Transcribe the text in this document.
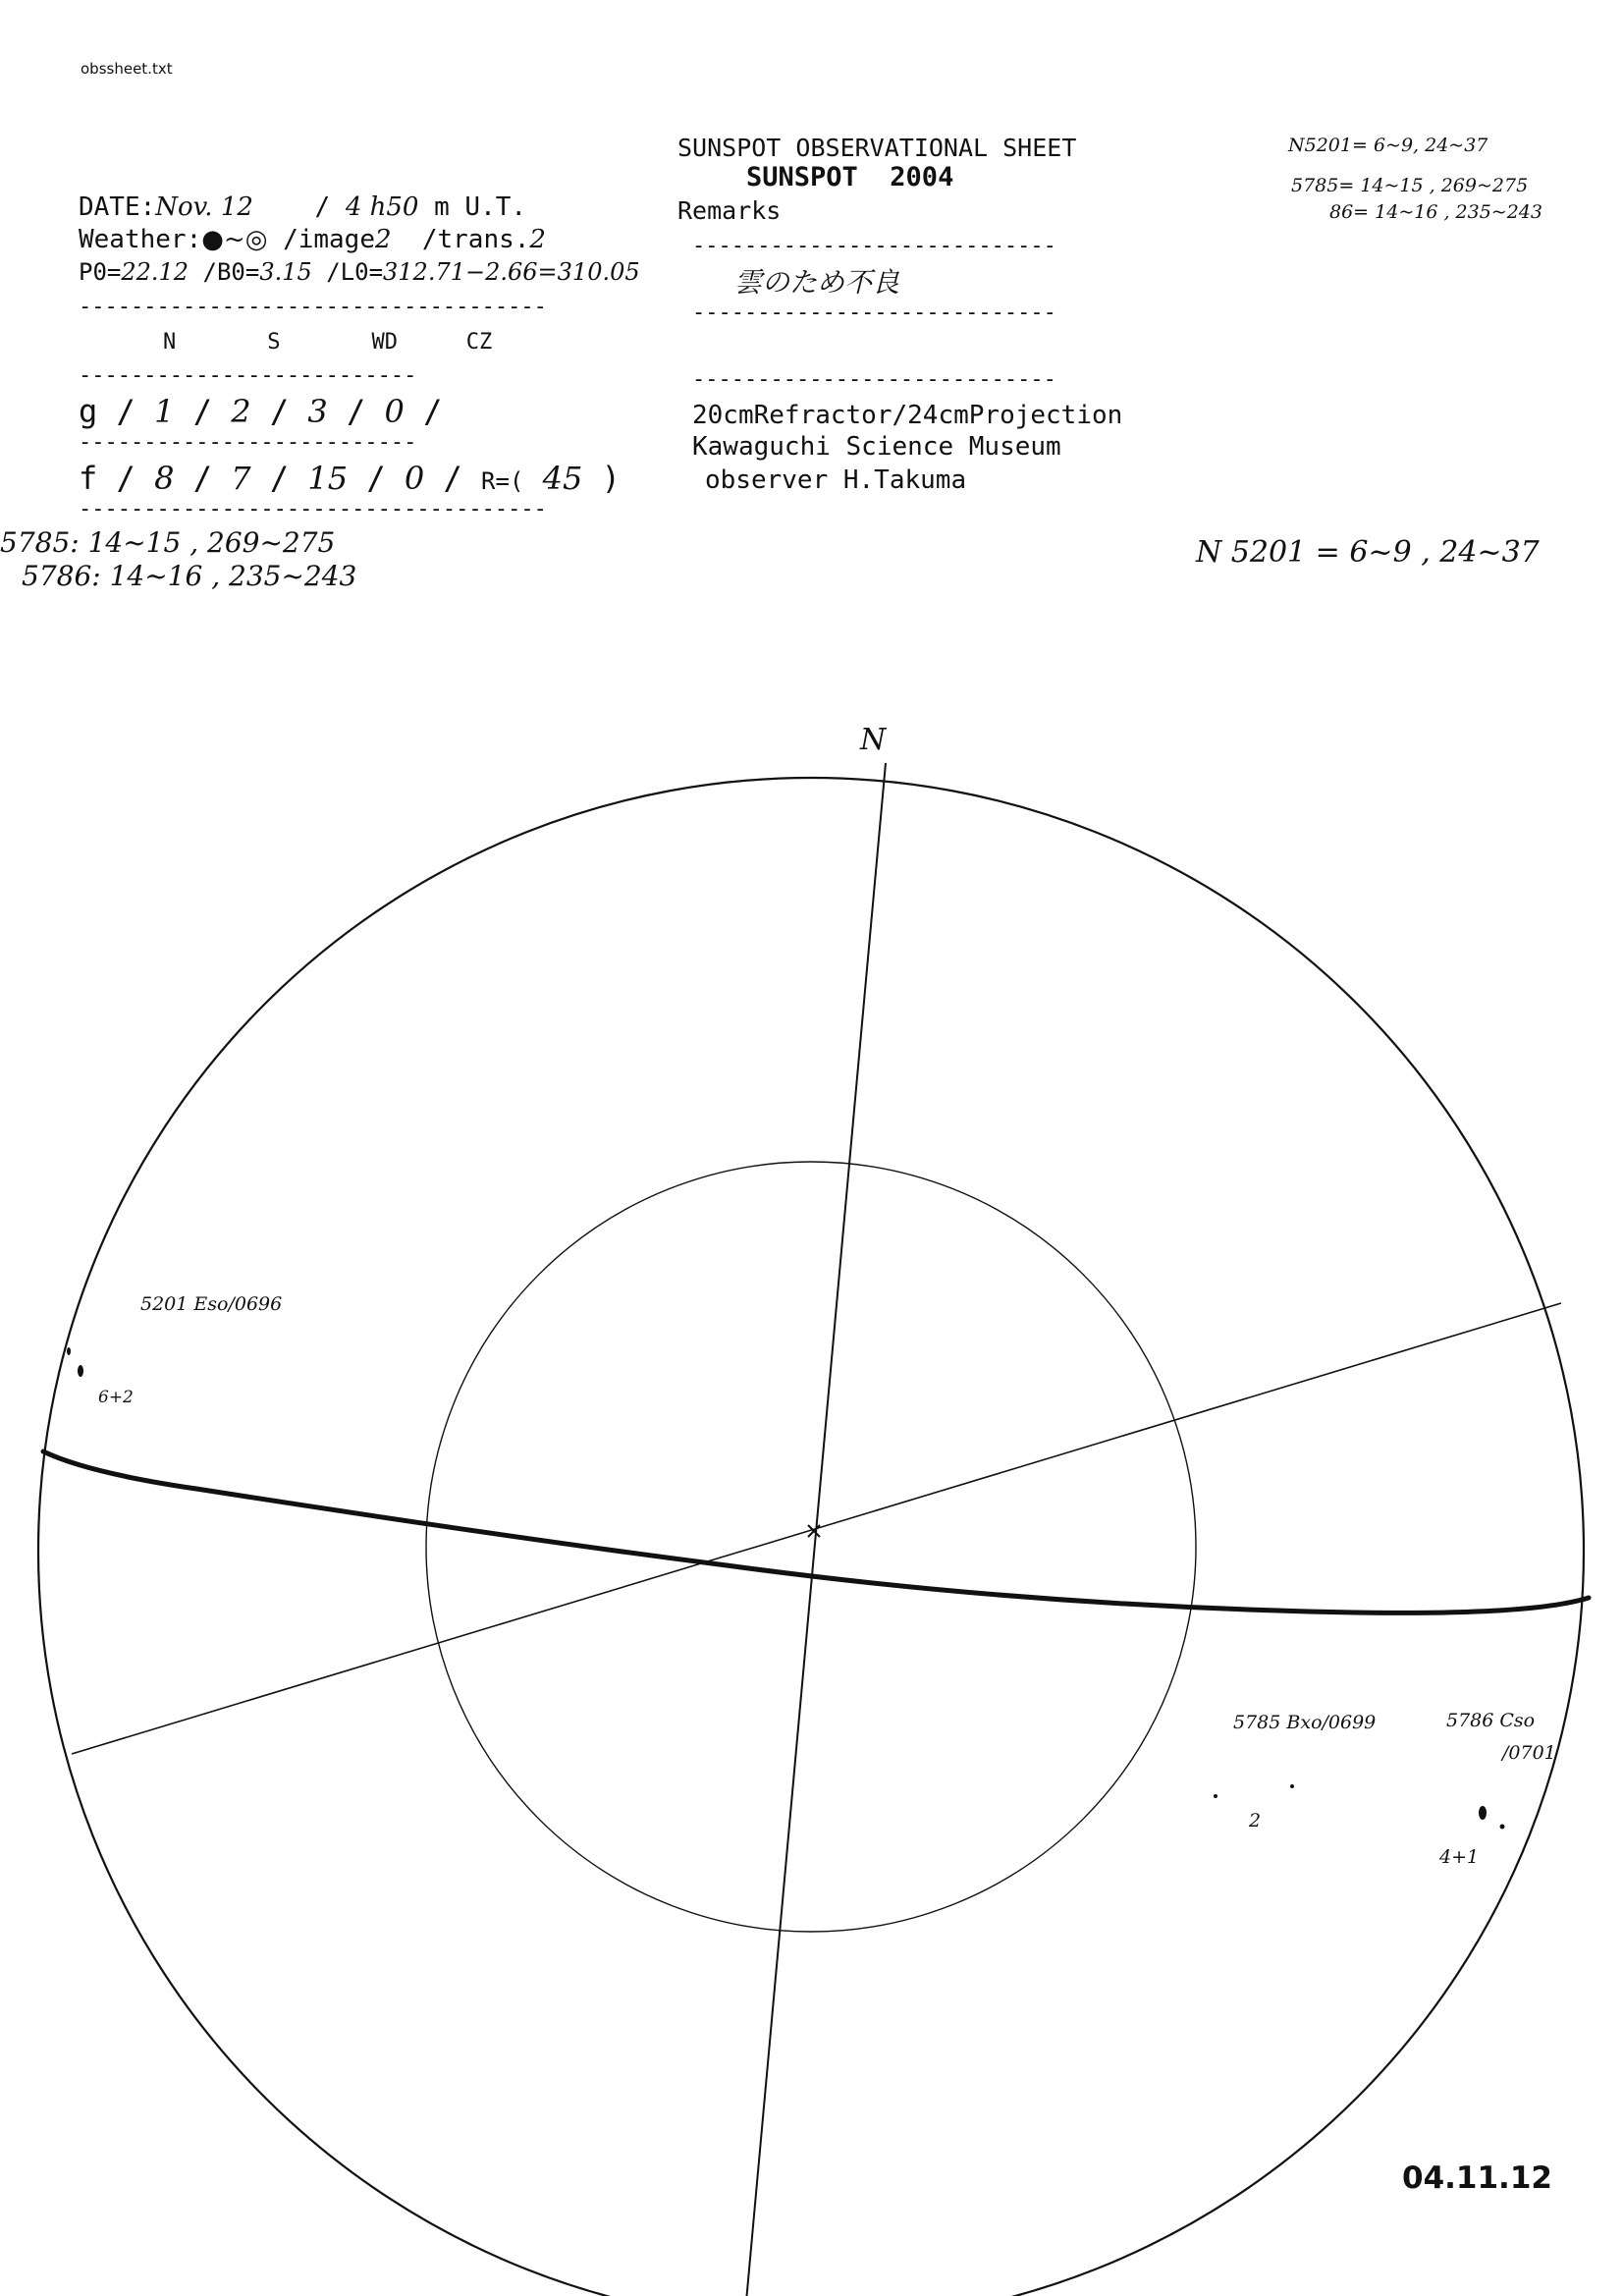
obssheet.txt
SUNSPOT OBSERVATIONAL SHEET
SUNSPOT  2004
Remarks
----------------------------
雲のため不良
----------------------------
----------------------------
20cmRefractor/24cmProjection
Kawaguchi Science Museum
observer H.Takuma
DATE:Nov. 12    / 4 h50 m U.T.
Weather:●~◎ /image2 /trans.2
P0=22.12 /B0=3.15 /L0=312.71−2.66=310.05
------------------------------------
N	S	WD	CZ
--------------------------
g / 1 / 2 / 3 / 0 /
--------------------------
f / 8 / 7 / 15 / 0 / R=( 45 )
------------------------------------
5785: 14~15 , 269~275
5786: 14~16 , 235~243
N5201= 6~9, 24~37
5785= 14~15 , 269~275
86= 14~16 , 235~243
N 5201 = 6~9 , 24~37
N
5201 Eso/0696
6+2
5785 Bxo/0699
2
5786 Cso
/0701
4+1
04.11.12
